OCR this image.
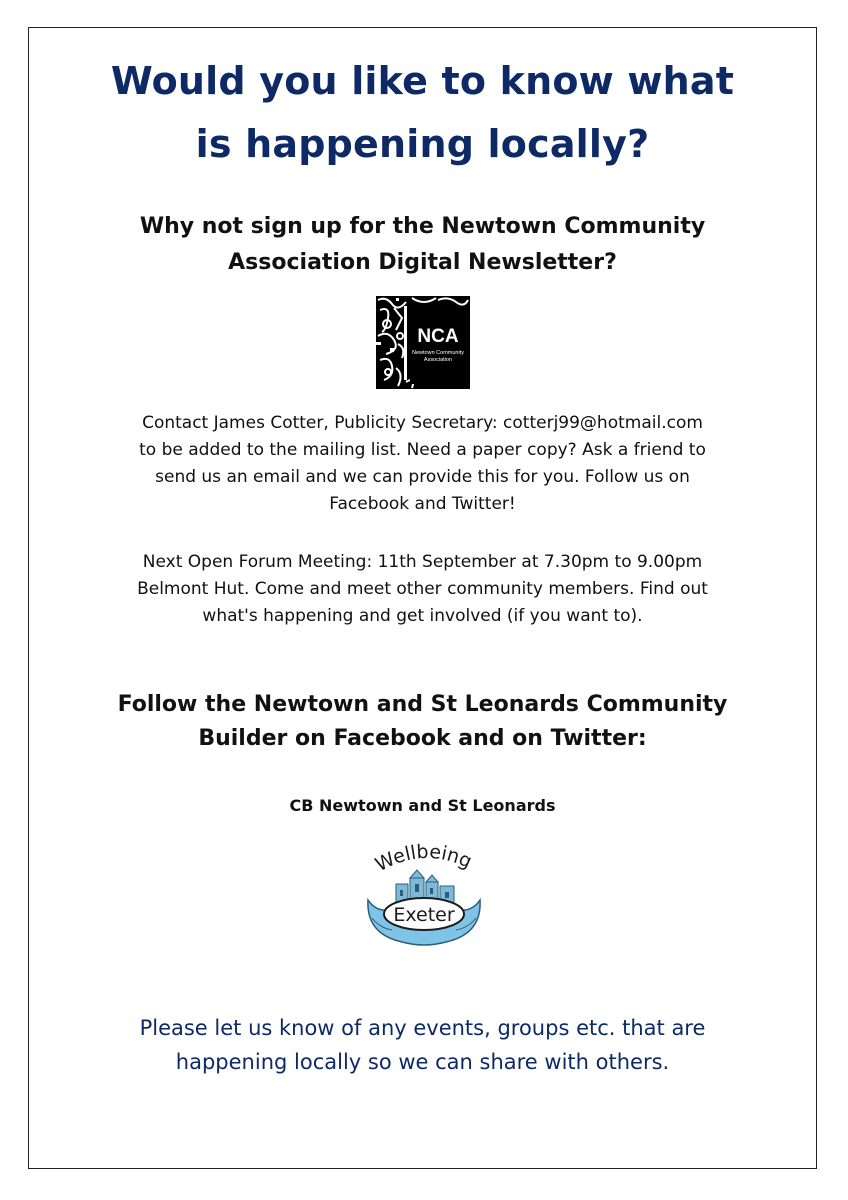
Would you like to know what
is happening locally?
Why not sign up for the Newtown Community
Association Digital Newsletter?
NCA
Newtown Community
Association
Contact James Cotter, Publicity Secretary: cotterj99@hotmail.com
to be added to the mailing list. Need a paper copy? Ask a friend to
send us an email and we can provide this for you. Follow us on
Facebook and Twitter!
Next Open Forum Meeting: 11th September at 7.30pm to 9.00pm
Belmont Hut. Come and meet other community members. Find out
what's happening and get involved (if you want to).
Follow the Newtown and St Leonards Community
Builder on Facebook and on Twitter:
CB Newtown and St Leonards
Wellbeing
Exeter
Please let us know of any events, groups etc. that are
happening locally so we can share with others.
